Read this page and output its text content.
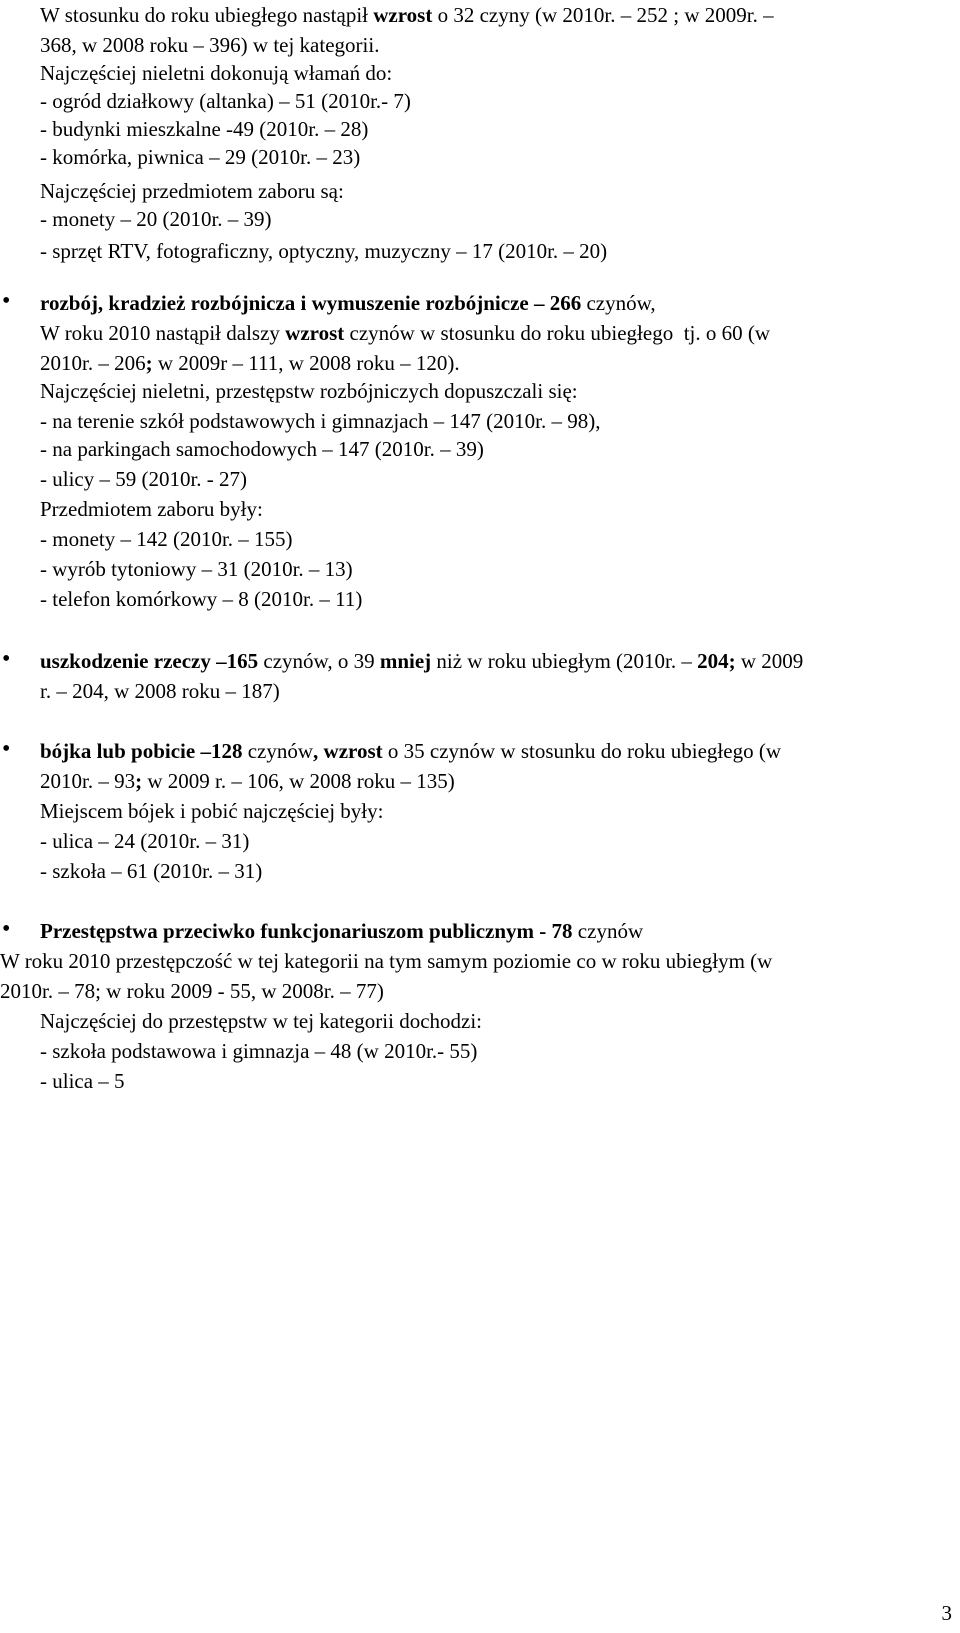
W stosunku do roku ubiegłego nastąpił wzrost o 32 czyny (w 2010r. – 252 ; w 2009r. –
368, w 2008 roku – 396) w tej kategorii.
Najczęściej nieletni dokonują włamań do:
- ogród działkowy (altanka) – 51 (2010r.- 7)
- budynki mieszkalne -49 (2010r. – 28)
- komórka, piwnica – 29 (2010r. – 23)
Najczęściej przedmiotem zaboru są:
- monety – 20 (2010r. – 39)
- sprzęt RTV, fotograficzny, optyczny, muzyczny – 17 (2010r. – 20)
• rozbój, kradzież rozbójnicza i wymuszenie rozbójnicze – 266 czynów,
W roku 2010 nastąpił dalszy wzrost czynów w stosunku do roku ubiegłego  tj. o 60 (w
2010r. – 206; w 2009r – 111, w 2008 roku – 120).
Najczęściej nieletni, przestępstw rozbójniczych dopuszczali się:
- na terenie szkół podstawowych i gimnazjach – 147 (2010r. – 98),
- na parkingach samochodowych – 147 (2010r. – 39)
- ulicy – 59 (2010r. - 27)
Przedmiotem zaboru były:
- monety – 142 (2010r. – 155)
- wyrób tytoniowy – 31 (2010r. – 13)
- telefon komórkowy – 8 (2010r. – 11)
• uszkodzenie rzeczy –165 czynów, o 39 mniej niż w roku ubiegłym (2010r. – 204; w 2009
r. – 204, w 2008 roku – 187)
• bójka lub pobicie –128 czynów, wzrost o 35 czynów w stosunku do roku ubiegłego (w
2010r. – 93; w 2009 r. – 106, w 2008 roku – 135)
Miejscem bójek i pobić najczęściej były:
- ulica – 24 (2010r. – 31)
- szkoła – 61 (2010r. – 31)
• Przestępstwa przeciwko funkcjonariuszom publicznym - 78 czynów
W roku 2010 przestępczość w tej kategorii na tym samym poziomie co w roku ubiegłym (w
2010r. – 78; w roku 2009 - 55, w 2008r. – 77)
Najczęściej do przestępstw w tej kategorii dochodzi:
- szkoła podstawowa i gimnazja – 48 (w 2010r.- 55)
- ulica – 5
3
